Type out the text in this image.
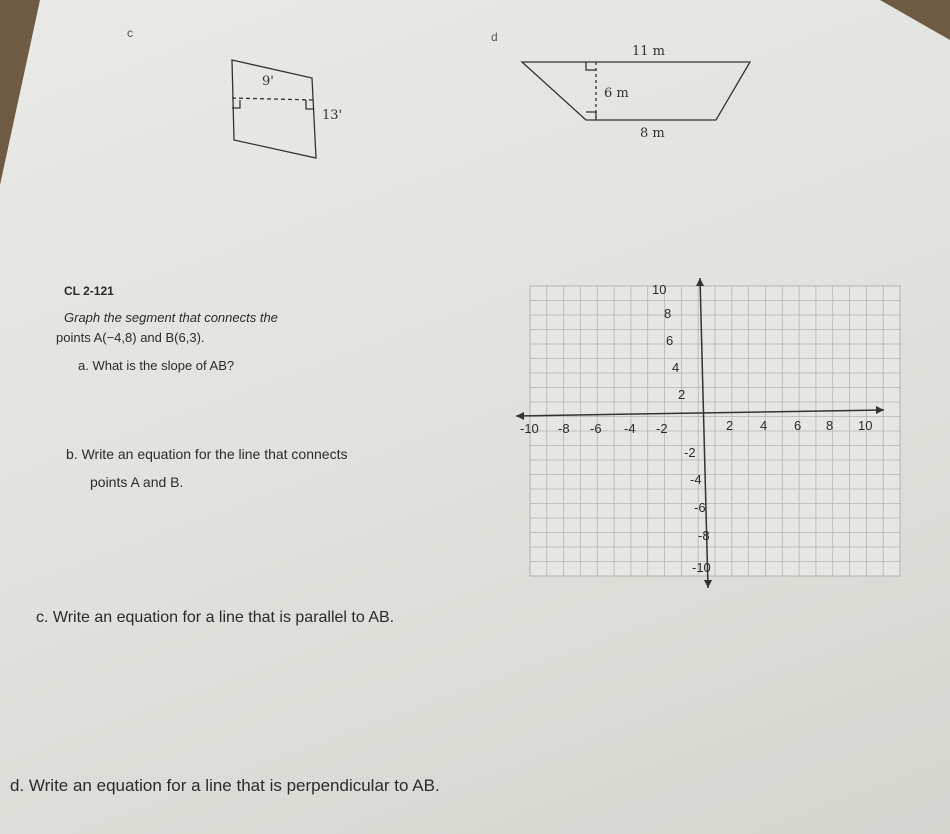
c
9'
13'
d
11 m
6 m
8 m
CL 2-121
Graph the segment that connects the
points A(−4,8) and B(6,3).
a. What is the slope of AB?
b. Write an equation for the line that connects
points A and B.
c. Write an equation for a line that is parallel to AB.
d. Write an equation for a line that is perpendicular to AB.
-10 -8 -6 -4 -2	2 4 6 8 10
10
8
6
4
2
-2
-4
-6
-8
-10
